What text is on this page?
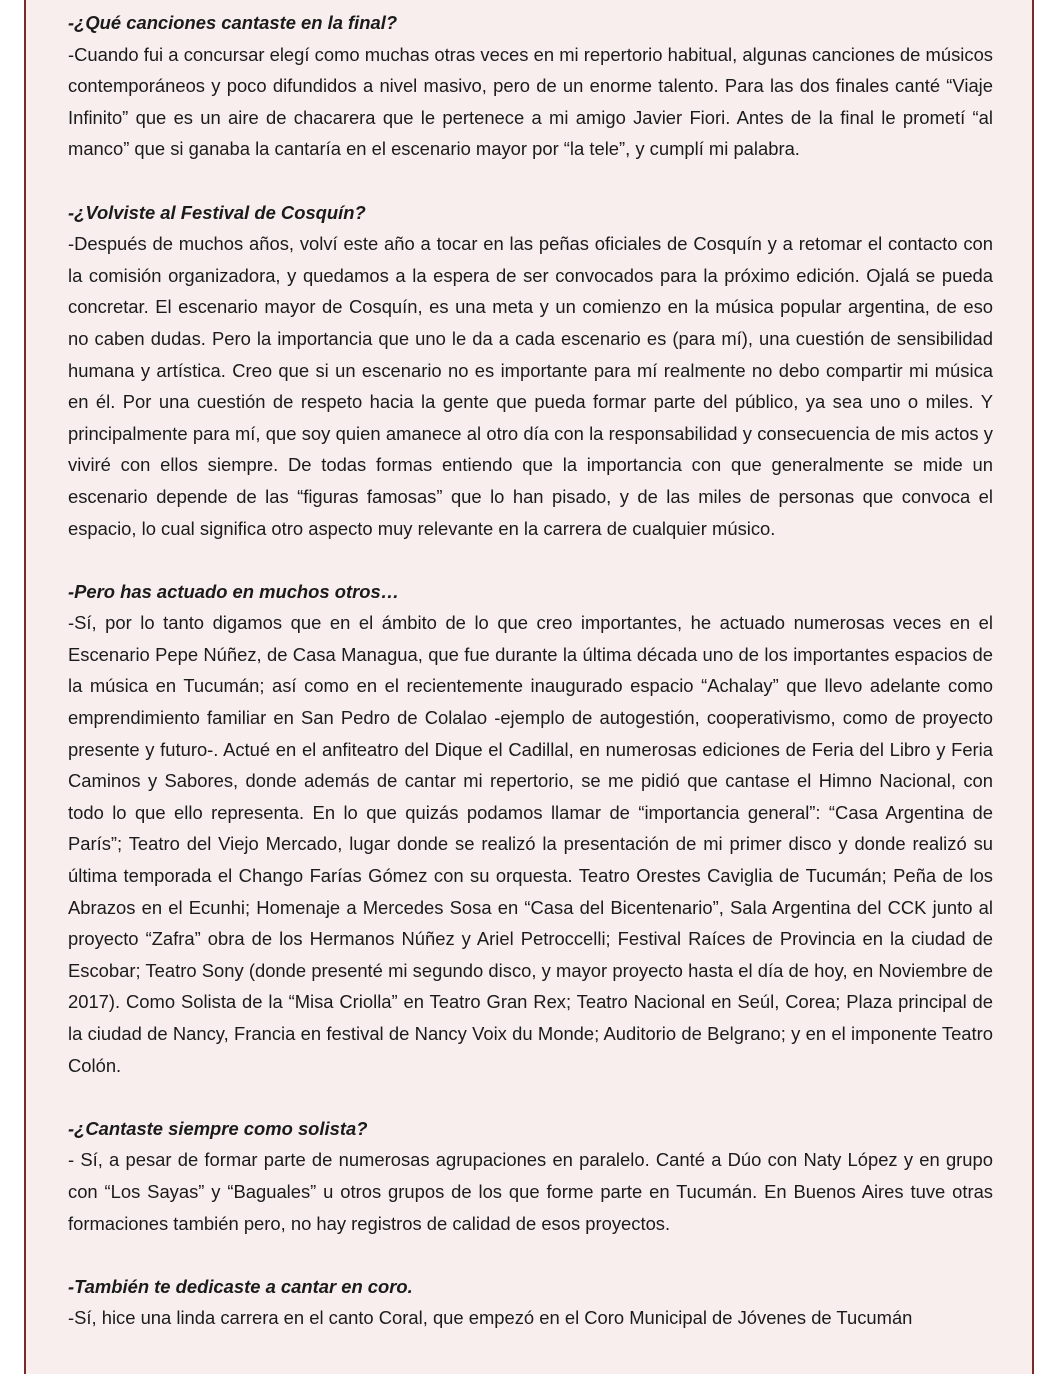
-¿Qué canciones cantaste en la final?

-Cuando fui a concursar elegí como muchas otras veces en mi repertorio habitual, algunas canciones de músicos contemporáneos y poco difundidos a nivel masivo, pero de un enorme talento. Para las dos finales canté “Viaje Infinito” que es un aire de chacarera que le pertenece a mi amigo Javier Fiori. Antes de la final le prometí “al manco” que si ganaba la cantaría en el escenario mayor por “la tele”, y cumplí mi palabra.

-¿Volviste al Festival de Cosquín?

-Después de muchos años, volví este año a tocar en las peñas oficiales de Cosquín y a retomar el contacto con la comisión organizadora, y quedamos a la espera de ser convocados para la próximo edición. Ojalá se pueda concretar. El escenario mayor de Cosquín, es una meta y un comienzo en la música popular argentina, de eso no caben dudas. Pero la importancia que uno le da a cada escenario es (para mí), una cuestión de sensibilidad humana y artística. Creo que si un escenario no es importante para mí realmente no debo compartir mi música en él. Por una cuestión de respeto hacia la gente que pueda formar parte del público, ya sea uno o miles. Y principalmente para mí, que soy quien amanece al otro día con la responsabilidad y consecuencia de mis actos y viviré con ellos siempre. De todas formas entiendo que la importancia con que generalmente se mide un escenario depende de las “figuras famosas” que lo han pisado, y de las miles de personas que convoca el espacio, lo cual significa otro aspecto muy relevante en la carrera de cualquier músico.

-Pero has actuado en muchos otros…

-Sí, por lo tanto digamos que en el ámbito de lo que creo importantes, he actuado numerosas veces en el Escenario Pepe Núñez, de Casa Managua, que fue durante la última década uno de los importantes espacios de la música en Tucumán; así como en el recientemente inaugurado espacio “Achalay” que llevo adelante como emprendimiento familiar en San Pedro de Colalao -ejemplo de autogestión, cooperativismo, como de proyecto presente y futuro-. Actué en el anfiteatro del Dique el Cadillal, en numerosas ediciones de Feria del Libro y Feria Caminos y Sabores, donde además de cantar mi repertorio, se me pidió que cantase el Himno Nacional, con todo lo que ello representa. En lo que quizás podamos llamar de “importancia general”: “Casa Argentina de París”; Teatro del Viejo Mercado, lugar donde se realizó la presentación de mi primer disco y donde realizó su última temporada el Chango Farías Gómez con su orquesta. Teatro Orestes Caviglia de Tucumán; Peña de los Abrazos en el Ecunhi; Homenaje a Mercedes Sosa en “Casa del Bicentenario”, Sala Argentina del CCK junto al proyecto “Zafra” obra de los Hermanos Núñez y Ariel Petroccelli; Festival Raíces de Provincia en la ciudad de Escobar; Teatro Sony (donde presenté mi segundo disco, y mayor proyecto hasta el día de hoy, en Noviembre de 2017). Como Solista de la “Misa Criolla” en Teatro Gran Rex; Teatro Nacional en Seúl, Corea; Plaza principal de la ciudad de Nancy, Francia en festival de Nancy Voix du Monde; Auditorio de Belgrano; y en el imponente Teatro Colón.

-¿Cantaste siempre como solista?

- Sí, a pesar de formar parte de numerosas agrupaciones en paralelo. Canté a Dúo con Naty López y en grupo con “Los Sayas” y “Baguales” u otros grupos de los que forme parte en Tucumán. En Buenos Aires tuve otras formaciones también pero, no hay registros de calidad de esos proyectos.

-También te dedicaste a cantar en coro.

-Sí, hice una linda carrera en el canto Coral, que empezó en el Coro Municipal de Jóvenes de Tucumán
